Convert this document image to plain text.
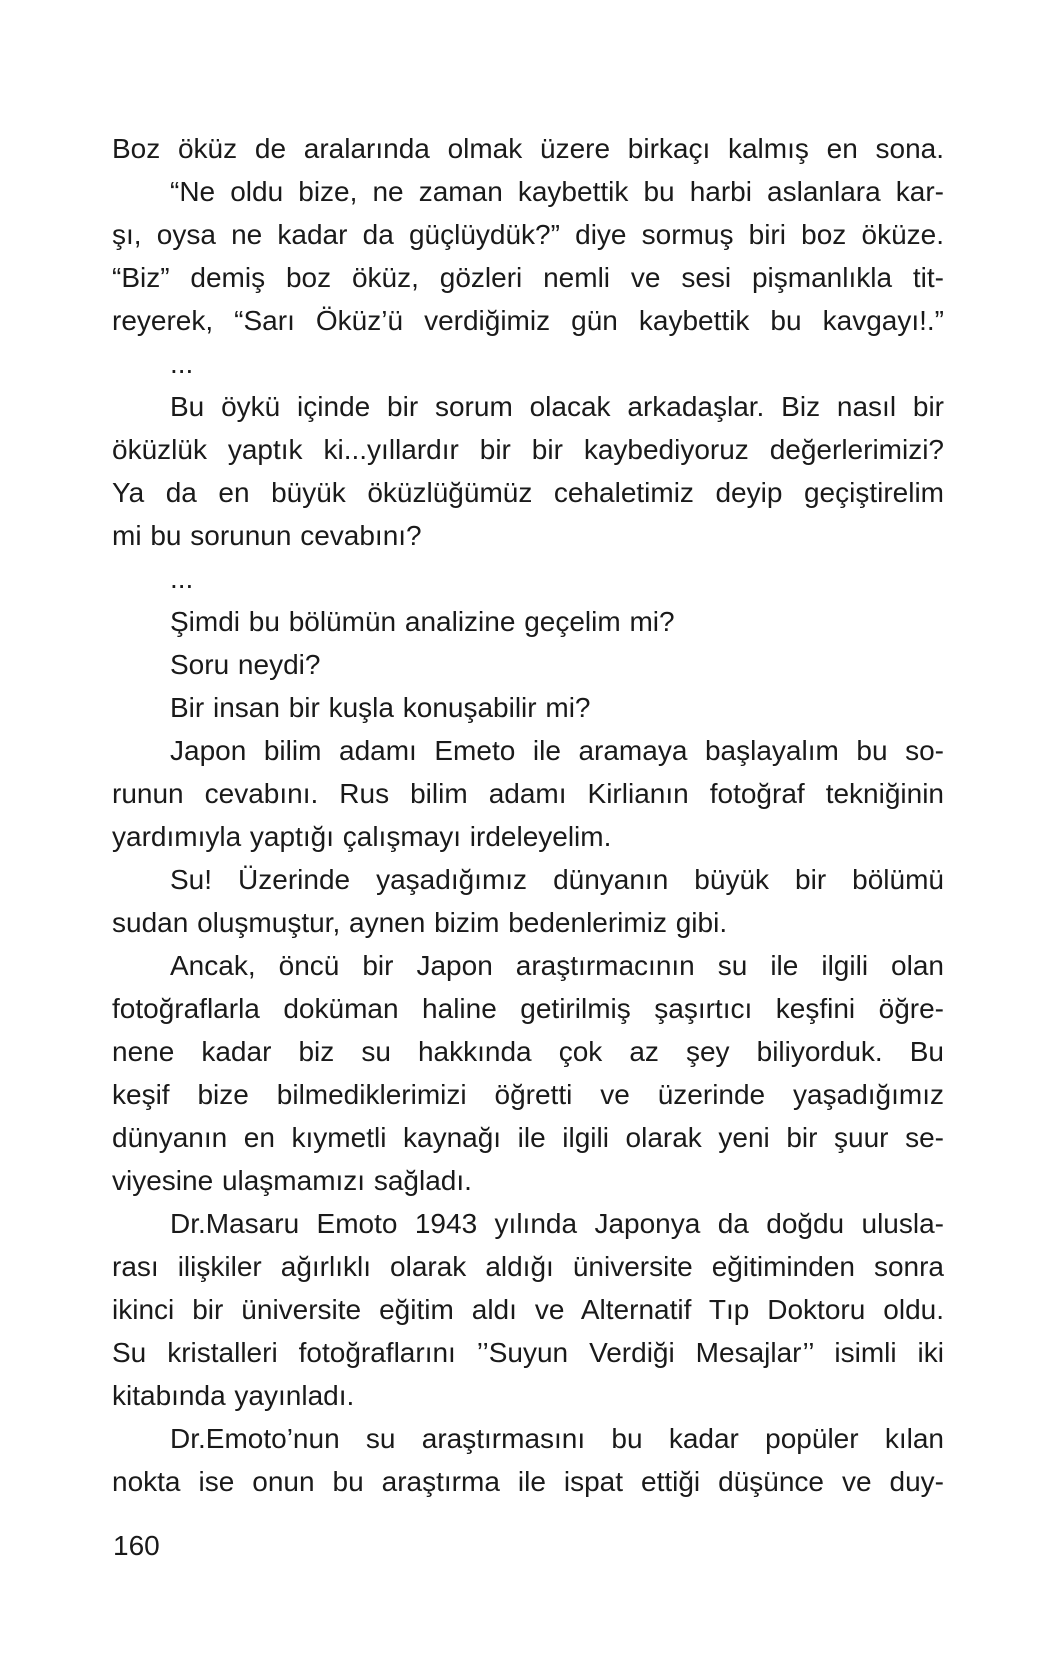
Boz öküz de aralarında olmak üzere birkaçı kalmış en sona.
“Ne oldu bize, ne zaman kaybettik bu harbi aslanlara kar-
şı, oysa ne kadar da güçlüydük?” diye sormuş biri boz öküze.
“Biz” demiş boz öküz, gözleri nemli ve sesi pişmanlıkla tit-
reyerek, “Sarı Öküz’ü verdiğimiz gün kaybettik bu kavgayı!.”
...
Bu öykü içinde bir sorum olacak arkadaşlar. Biz nasıl bir
öküzlük yaptık ki...yıllardır bir bir kaybediyoruz değerlerimizi?
Ya da en büyük öküzlüğümüz cehaletimiz deyip geçiştirelim
mi bu sorunun cevabını?
...
Şimdi bu bölümün analizine geçelim mi?
Soru neydi?
Bir insan bir kuşla konuşabilir mi?
Japon bilim adamı Emeto ile aramaya başlayalım bu so-
runun cevabını. Rus bilim adamı Kirlianın fotoğraf tekniğinin
yardımıyla yaptığı çalışmayı irdeleyelim.
Su! Üzerinde yaşadığımız dünyanın büyük bir bölümü
sudan oluşmuştur, aynen bizim bedenlerimiz gibi.
Ancak, öncü bir Japon araştırmacının su ile ilgili olan
fotoğraflarla doküman haline getirilmiş şaşırtıcı keşfini öğre-
nene kadar biz su hakkında çok az şey biliyorduk. Bu
keşif bize bilmediklerimizi öğretti ve üzerinde yaşadığımız
dünyanın en kıymetli kaynağı ile ilgili olarak yeni bir şuur se-
viyesine ulaşmamızı sağladı.
Dr.Masaru Emoto 1943 yılında Japonya da doğdu ulusla-
rası ilişkiler ağırlıklı olarak aldığı üniversite eğitiminden sonra
ikinci bir üniversite eğitim aldı ve Alternatif Tıp Doktoru oldu.
Su kristalleri fotoğraflarını ’’Suyun Verdiği Mesajlar’’ isimli iki
kitabında yayınladı.
Dr.Emoto’nun su araştırmasını bu kadar popüler kılan
nokta ise onun bu araştırma ile ispat ettiği düşünce ve duy-
160
